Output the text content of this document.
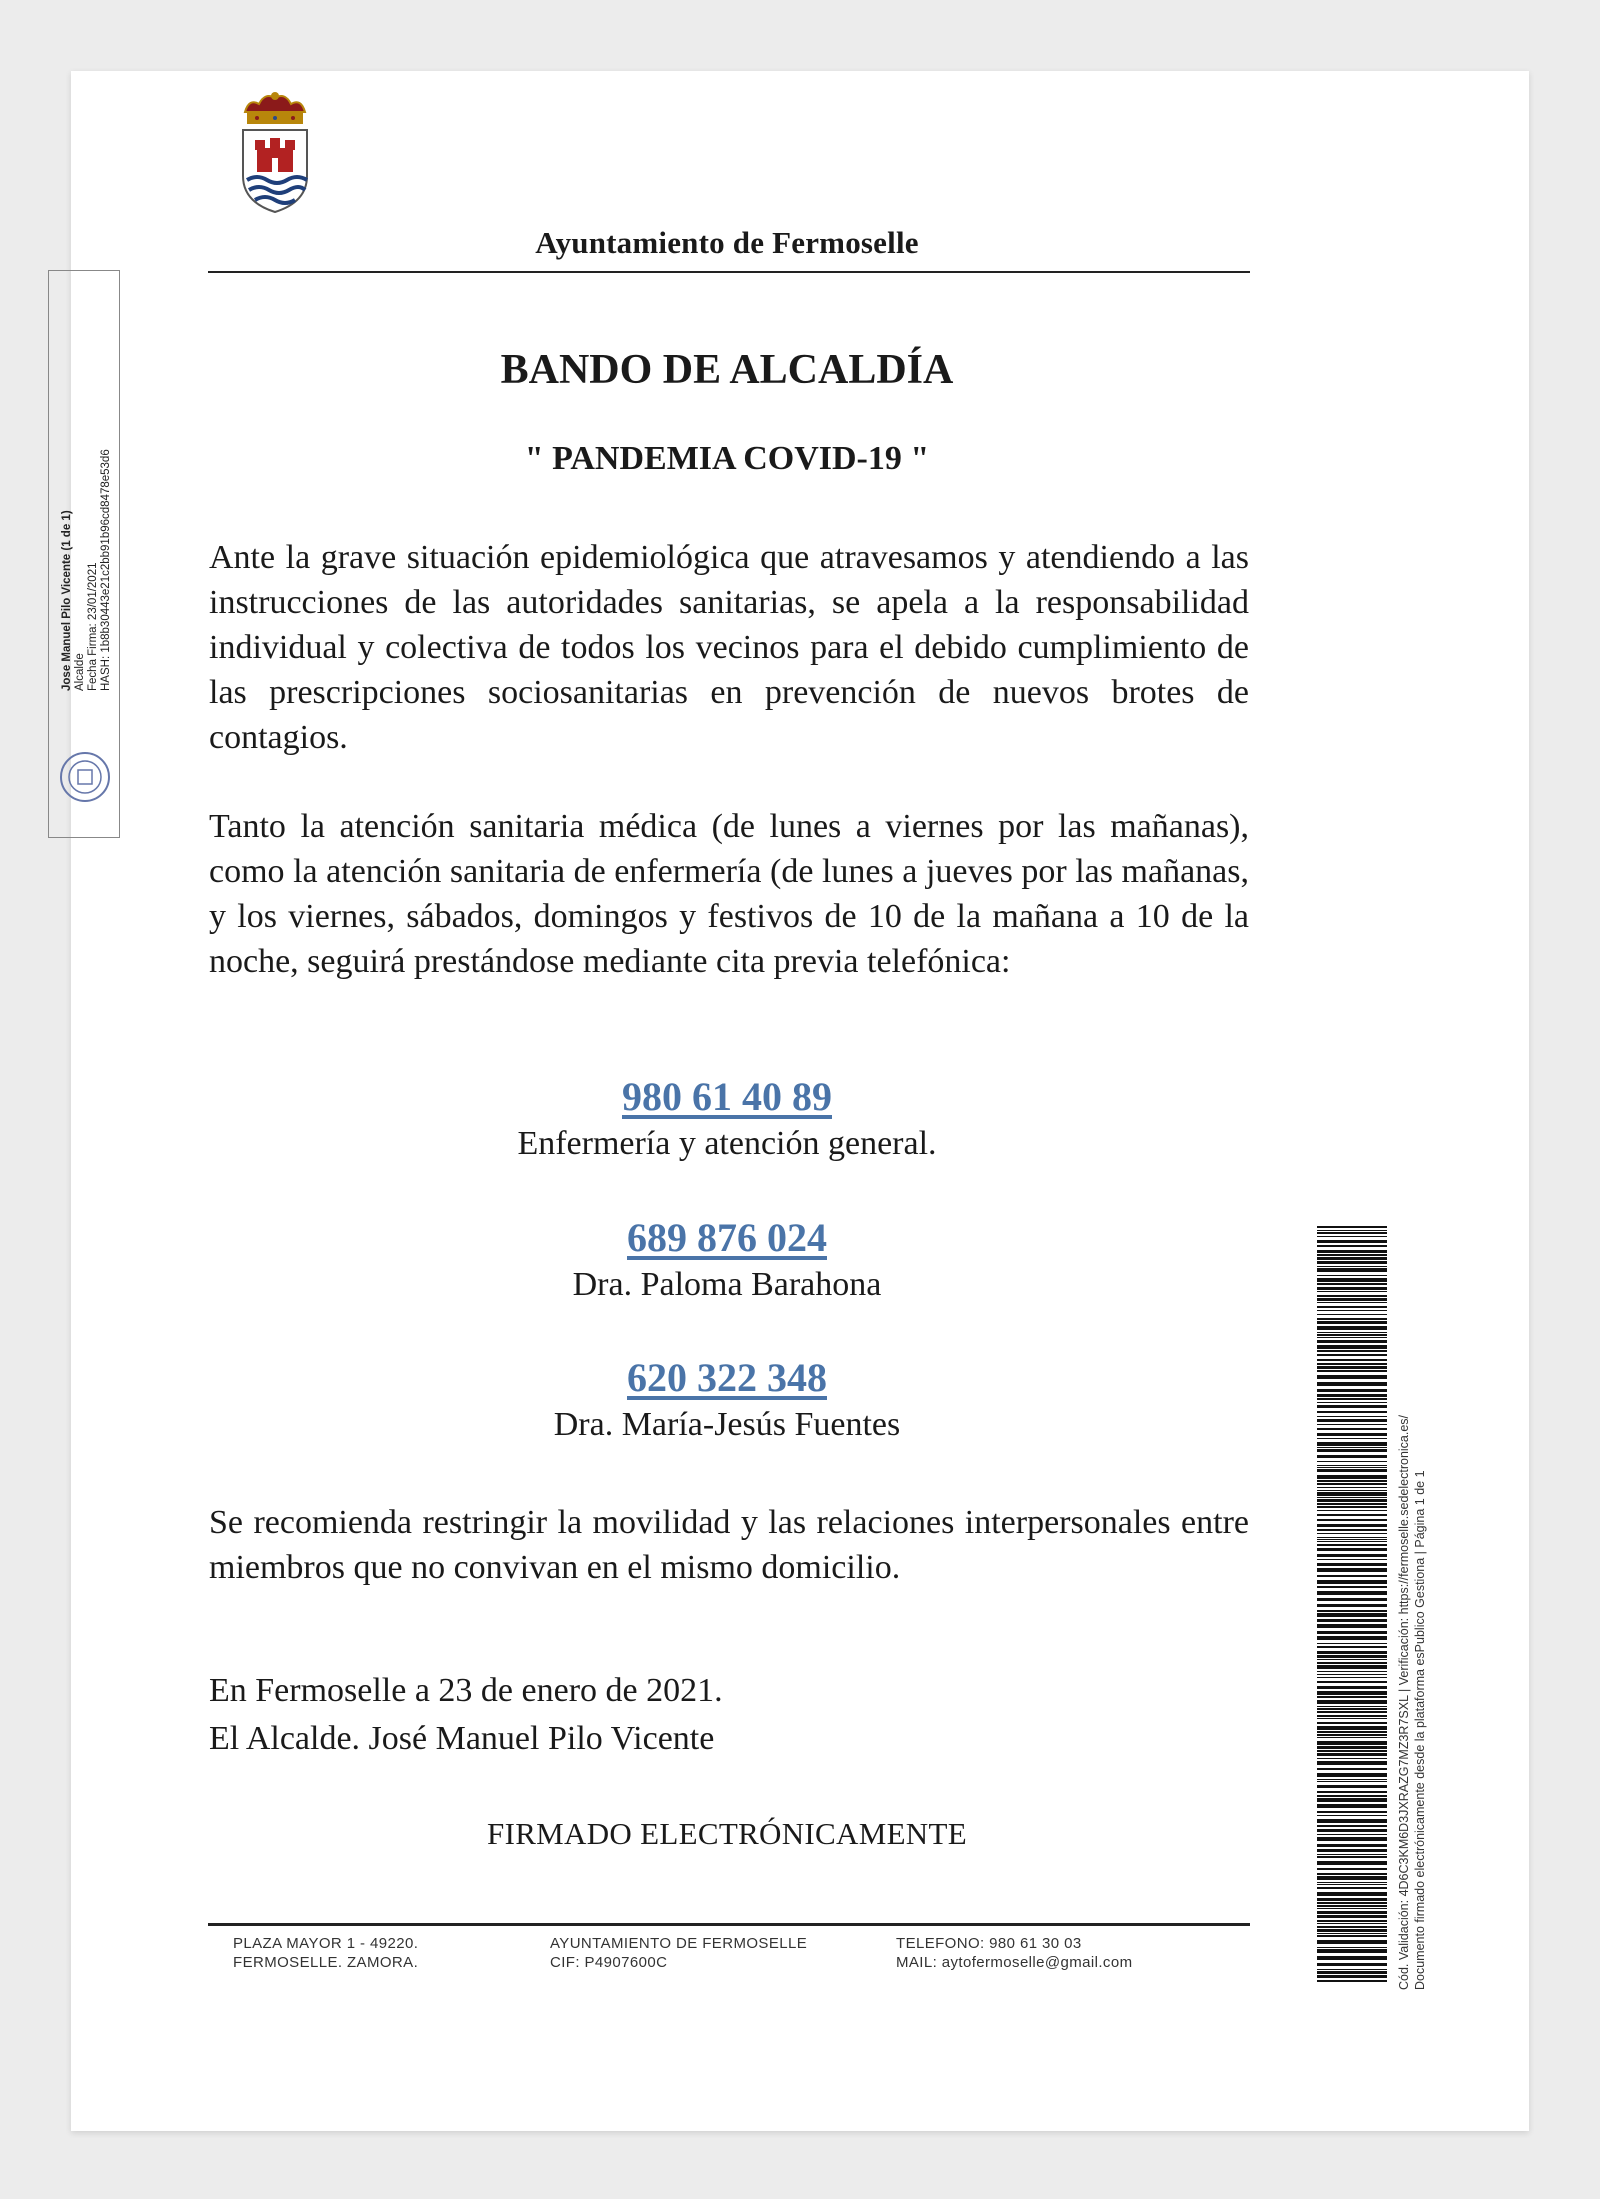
Ayuntamiento de Fermoselle
BANDO DE ALCALDÍA
" PANDEMIA COVID-19 "
Ante la grave situación epidemiológica que atravesamos y atendiendo a las instrucciones de las autoridades sanitarias, se apela a la responsabilidad individual y colectiva de todos los vecinos para el debido cumplimiento de las prescripciones sociosanitarias en prevención de nuevos brotes de contagios.
Tanto la atención sanitaria médica (de lunes a viernes por las mañanas), como la atención sanitaria de enfermería (de lunes a jueves por las mañanas, y los viernes, sábados, domingos y festivos de 10 de la mañana a 10 de la noche, seguirá prestándose mediante cita previa telefónica:
980 61 40 89
Enfermería y atención general.
689 876 024
Dra. Paloma Barahona
620 322 348
Dra. María-Jesús Fuentes
Se recomienda restringir la movilidad y las relaciones interpersonales entre miembros que no convivan en el mismo domicilio.
En Fermoselle a 23 de enero de 2021.
El Alcalde. José Manuel Pilo Vicente
FIRMADO ELECTRÓNICAMENTE
PLAZA MAYOR 1 - 49220.
FERMOSELLE. ZAMORA.
AYUNTAMIENTO DE FERMOSELLE
CIF: P4907600C
TELEFONO: 980 61 30 03
MAIL: aytofermoselle@gmail.com
Jose Manuel Pilo Vicente (1 de 1) Alcalde Fecha Firma: 23/01/2021 HASH: 1b8b30443e21c2bb91b96cd8478e53d6
Cód. Validación: 4D6C3KM6D3JXRAZG7MZ3R7SXL | Verificación: https://fermoselle.sedelectronica.es/ Documento firmado electrónicamente desde la plataforma esPublico Gestiona | Página 1 de 1
